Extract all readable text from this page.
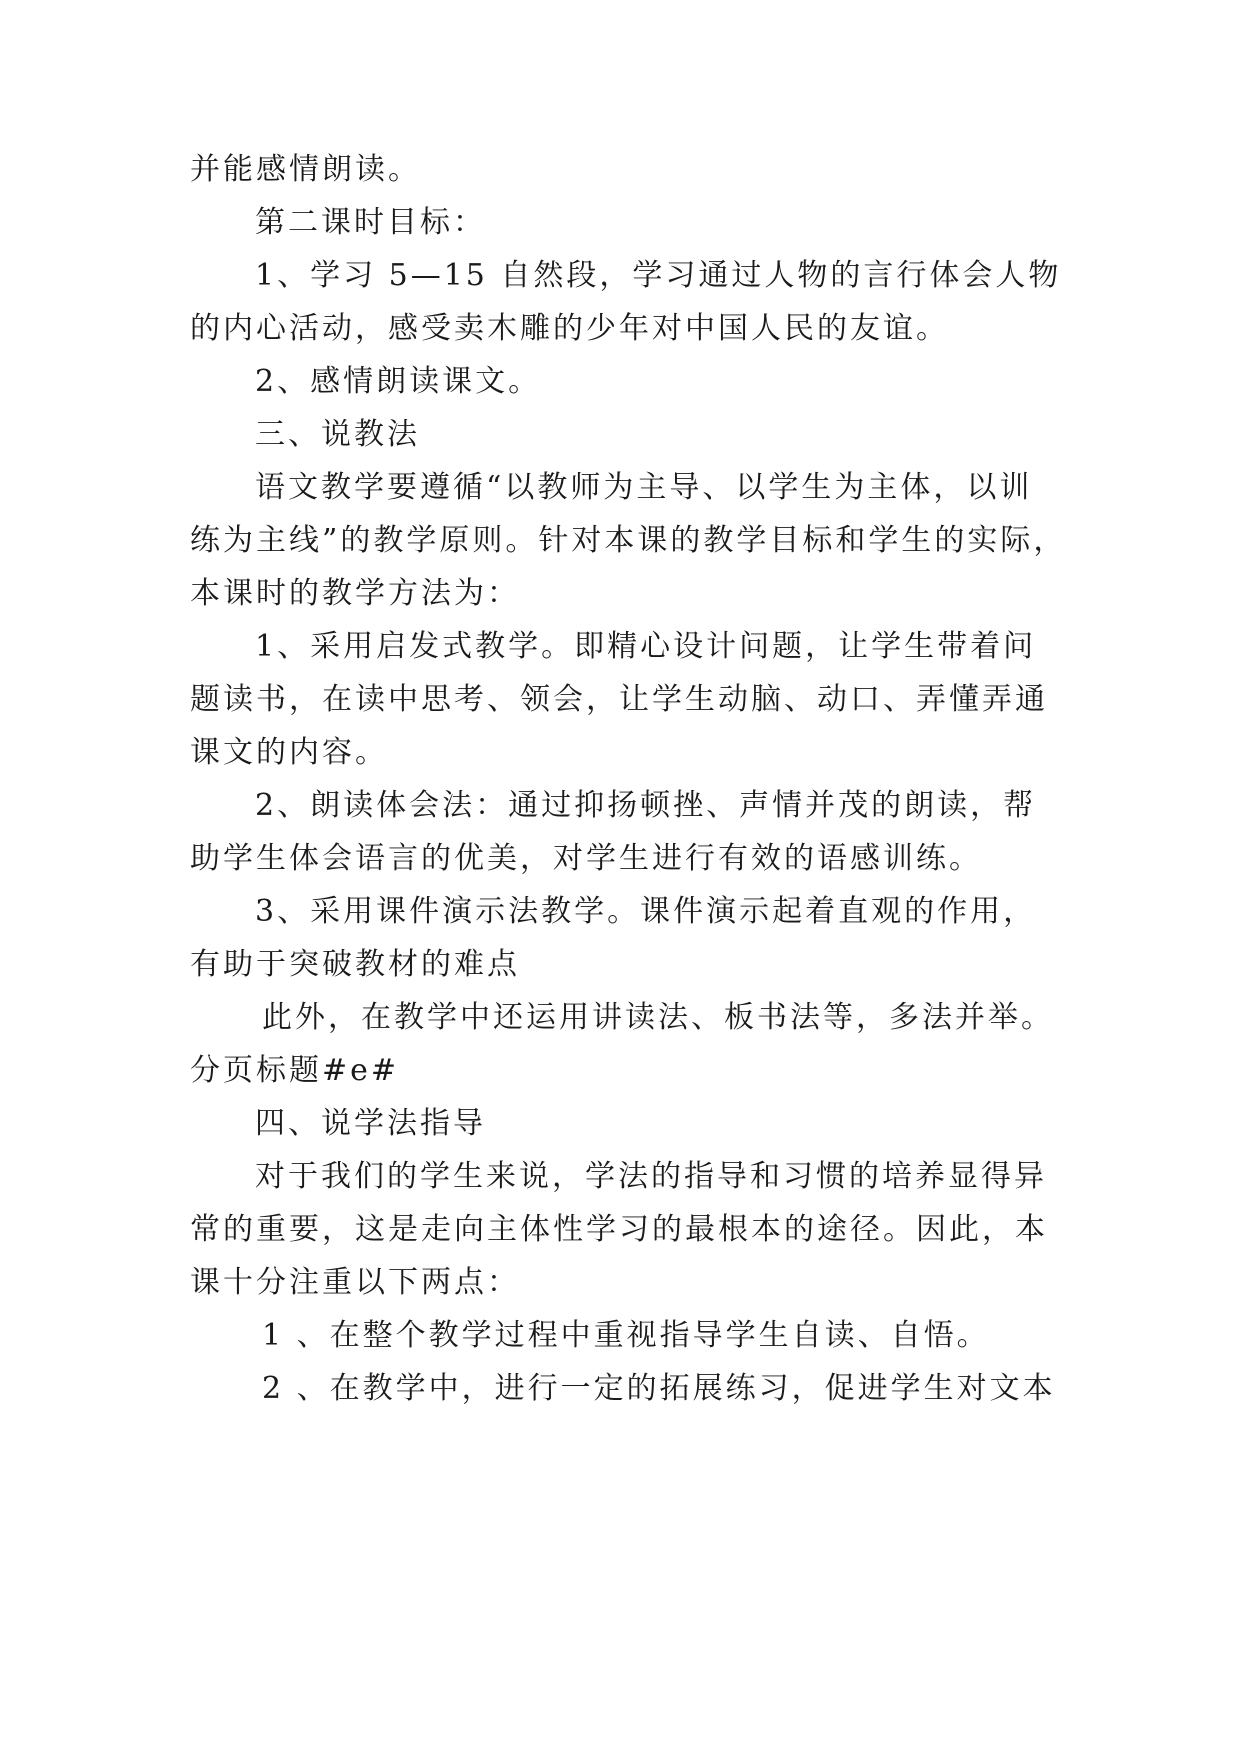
并能感情朗读。
第二课时目标：
1、学习 5—15 自然段，学习通过人物的言行体会人物
的内心活动，感受卖木雕的少年对中国人民的友谊。
2、感情朗读课文。
三、说教法
语文教学要遵循“以教师为主导、以学生为主体，以训
练为主线”的教学原则。针对本课的教学目标和学生的实际，
本课时的教学方法为：
1、采用启发式教学。即精心设计问题，让学生带着问
题读书，在读中思考、领会，让学生动脑、动口、弄懂弄通
课文的内容。
2、朗读体会法：通过抑扬顿挫、声情并茂的朗读，帮
助学生体会语言的优美，对学生进行有效的语感训练。
3、采用课件演示法教学。课件演示起着直观的作用，
有助于突破教材的难点
此外，在教学中还运用讲读法、板书法等，多法并举。
分页标题#e#
四、说学法指导
对于我们的学生来说，学法的指导和习惯的培养显得异
常的重要，这是走向主体性学习的最根本的途径。因此，本
课十分注重以下两点：
1 、在整个教学过程中重视指导学生自读、自悟。
2 、在教学中，进行一定的拓展练习，促进学生对文本
